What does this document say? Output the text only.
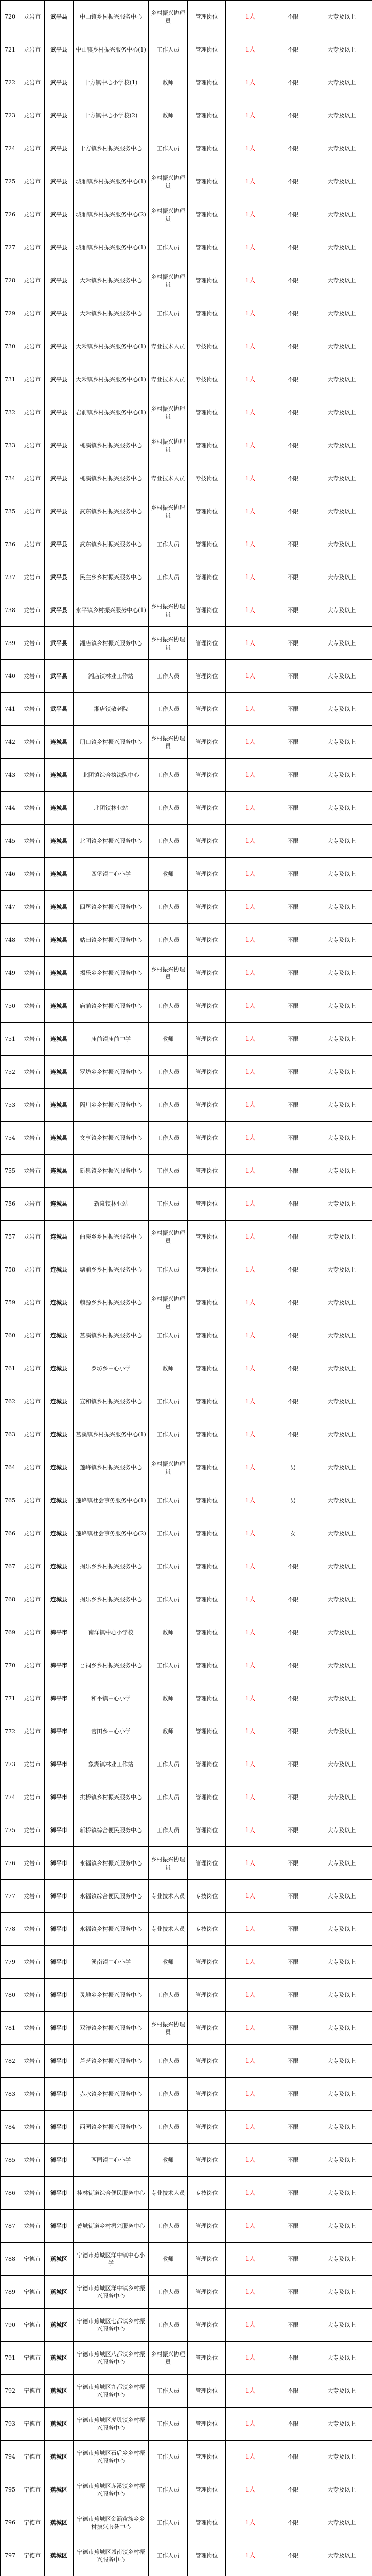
720	龙岩市	武平县	中山镇乡村振兴服务中心	乡村振兴协理员	管理岗位	1人	不限	大专及以上
721	龙岩市	武平县	中山镇乡村振兴服务中心(1)	工作人员	管理岗位	1人	不限	大专及以上
722	龙岩市	武平县	十方镇中心小学校(1)	教师	管理岗位	1人	不限	大专及以上
723	龙岩市	武平县	十方镇中心小学校(2)	教师	管理岗位	1人	不限	大专及以上
724	龙岩市	武平县	十方镇乡村振兴服务中心	工作人员	管理岗位	1人	不限	大专及以上
725	龙岩市	武平县	城厢镇乡村振兴服务中心(1)	乡村振兴协理员	管理岗位	1人	不限	大专及以上
726	龙岩市	武平县	城厢镇乡村振兴服务中心(2)	乡村振兴协理员	管理岗位	1人	不限	大专及以上
727	龙岩市	武平县	城厢镇乡村振兴服务中心(1)	工作人员	管理岗位	1人	不限	大专及以上
728	龙岩市	武平县	大禾镇乡村振兴服务中心	乡村振兴协理员	管理岗位	1人	不限	大专及以上
729	龙岩市	武平县	大禾镇乡村振兴服务中心	工作人员	管理岗位	1人	不限	大专及以上
730	龙岩市	武平县	大禾镇乡村振兴服务中心(1)	专业技术人员	专技岗位	1人	不限	大专及以上
731	龙岩市	武平县	大禾镇乡村振兴服务中心(1)	专业技术人员	专技岗位	1人	不限	大专及以上
732	龙岩市	武平县	岩前镇乡村振兴服务中心(1)	乡村振兴协理员	管理岗位	1人	不限	大专及以上
733	龙岩市	武平县	桃溪镇乡村振兴服务中心	乡村振兴协理员	管理岗位	1人	不限	大专及以上
734	龙岩市	武平县	桃溪镇乡村振兴服务中心	专业技术人员	专技岗位	1人	不限	大专及以上
735	龙岩市	武平县	武东镇乡村振兴服务中心	乡村振兴协理员	管理岗位	1人	不限	大专及以上
736	龙岩市	武平县	武东镇乡村振兴服务中心	工作人员	管理岗位	1人	不限	大专及以上
737	龙岩市	武平县	民主乡乡村振兴服务中心	工作人员	管理岗位	1人	不限	大专及以上
738	龙岩市	武平县	永平镇乡村振兴服务中心(1)	乡村振兴协理员	管理岗位	1人	不限	大专及以上
739	龙岩市	武平县	湘店镇乡村振兴服务中心	乡村振兴协理员	管理岗位	1人	不限	大专及以上
740	龙岩市	武平县	湘店镇林业工作站	工作人员	管理岗位	1人	不限	大专及以上
741	龙岩市	武平县	湘店镇敬老院	工作人员	管理岗位	1人	不限	大专及以上
742	龙岩市	连城县	朋口镇乡村振兴服务中心	乡村振兴协理员	管理岗位	1人	不限	大专及以上
743	龙岩市	连城县	北团镇综合执法队中心	工作人员	管理岗位	1人	不限	大专及以上
744	龙岩市	连城县	北团镇林业站	工作人员	管理岗位	1人	不限	大专及以上
745	龙岩市	连城县	北团镇乡村振兴服务中心	工作人员	管理岗位	1人	不限	大专及以上
746	龙岩市	连城县	四堡镇中心小学	教师	管理岗位	1人	不限	大专及以上
747	龙岩市	连城县	四堡镇乡村振兴服务中心	工作人员	管理岗位	1人	不限	大专及以上
748	龙岩市	连城县	姑田镇乡村振兴服务中心	工作人员	管理岗位	1人	不限	大专及以上
749	龙岩市	连城县	揭乐乡乡村振兴服务中心	乡村振兴协理员	管理岗位	1人	不限	大专及以上
750	龙岩市	连城县	庙前镇乡村振兴服务中心	工作人员	管理岗位	1人	不限	大专及以上
751	龙岩市	连城县	庙前镇庙前中学	教师	管理岗位	1人	不限	大专及以上
752	龙岩市	连城县	罗坊乡乡村振兴服务中心	工作人员	管理岗位	1人	不限	大专及以上
753	龙岩市	连城县	隔川乡乡村振兴服务中心	工作人员	管理岗位	1人	不限	大专及以上
754	龙岩市	连城县	文亨镇乡村振兴服务中心	工作人员	管理岗位	1人	不限	大专及以上
755	龙岩市	连城县	新泉镇乡村振兴服务中心	工作人员	管理岗位	1人	不限	大专及以上
756	龙岩市	连城县	新泉镇林业站	工作人员	管理岗位	1人	不限	大专及以上
757	龙岩市	连城县	曲溪乡乡村振兴服务中心	乡村振兴协理员	管理岗位	1人	不限	大专及以上
758	龙岩市	连城县	塘前乡乡村振兴服务中心	工作人员	管理岗位	1人	不限	大专及以上
759	龙岩市	连城县	赖源乡乡村振兴服务中心	乡村振兴协理员	管理岗位	1人	不限	大专及以上
760	龙岩市	连城县	莒溪镇乡村振兴服务中心	工作人员	管理岗位	1人	不限	大专及以上
761	龙岩市	连城县	罗坊乡中心小学	教师	管理岗位	1人	不限	大专及以上
762	龙岩市	连城县	宣和镇乡村振兴服务中心	工作人员	管理岗位	1人	不限	大专及以上
763	龙岩市	连城县	莒溪镇乡村振兴服务中心(1)	工作人员	管理岗位	1人	不限	大专及以上
764	龙岩市	连城县	莲峰镇乡村振兴服务中心	乡村振兴协理员	管理岗位	1人	男	大专及以上
765	龙岩市	连城县	莲峰镇社会事务服务中心(1)	工作人员	管理岗位	1人	男	大专及以上
766	龙岩市	连城县	莲峰镇社会事务服务中心(2)	工作人员	管理岗位	1人	女	大专及以上
767	龙岩市	连城县	揭乐乡乡村振兴服务中心	工作人员	管理岗位	1人	不限	大专及以上
768	龙岩市	连城县	揭乐乡乡村振兴服务中心	工作人员	管理岗位	1人	不限	大专及以上
769	龙岩市	漳平市	南洋镇中心小学校	教师	管理岗位	1人	不限	大专及以上
770	龙岩市	漳平市	吾祠乡乡村振兴服务中心	工作人员	管理岗位	1人	不限	大专及以上
771	龙岩市	漳平市	和平镇中心小学	教师	管理岗位	1人	不限	大专及以上
772	龙岩市	漳平市	官田乡中心小学	教师	管理岗位	1人	不限	大专及以上
773	龙岩市	漳平市	象湖镇林业工作站	工作人员	管理岗位	1人	不限	大专及以上
774	龙岩市	漳平市	拱桥镇乡村振兴服务中心	工作人员	管理岗位	1人	不限	大专及以上
775	龙岩市	漳平市	新桥镇综合便民服务中心	工作人员	管理岗位	1人	不限	大专及以上
776	龙岩市	漳平市	永福镇乡村振兴服务中心	乡村振兴协理员	管理岗位	1人	不限	大专及以上
777	龙岩市	漳平市	永福镇综合便民服务中心	专业技术人员	专技岗位	1人	不限	大专及以上
778	龙岩市	漳平市	永福镇乡村振兴服务中心	专业技术人员	专技岗位	1人	不限	大专及以上
779	龙岩市	漳平市	溪南镇中心小学	教师	管理岗位	1人	不限	大专及以上
780	龙岩市	漳平市	灵地乡乡村振兴服务中心	工作人员	管理岗位	1人	不限	大专及以上
781	龙岩市	漳平市	双洋镇乡村振兴服务中心	乡村振兴协理员	管理岗位	1人	不限	大专及以上
782	龙岩市	漳平市	芦芝镇乡村振兴服务中心	工作人员	管理岗位	1人	不限	大专及以上
783	龙岩市	漳平市	赤水镇乡村振兴服务中心	工作人员	管理岗位	1人	不限	大专及以上
784	龙岩市	漳平市	西园镇乡村振兴服务中心	工作人员	管理岗位	1人	不限	大专及以上
785	龙岩市	漳平市	西园镇中心小学	教师	管理岗位	1人	不限	大专及以上
786	龙岩市	漳平市	桂林街道综合便民服务中心	专业技术人员	专技岗位	1人	不限	大专及以上
787	龙岩市	漳平市	菁城街道乡村振兴服务中心	工作人员	管理岗位	1人	不限	大专及以上
788	宁德市	蕉城区	宁德市蕉城区洋中镇中心小学	教师	管理岗位	1人	不限	大专及以上
789	宁德市	蕉城区	宁德市蕉城区洋中镇乡村振兴服务中心	工作人员	管理岗位	1人	不限	大专及以上
790	宁德市	蕉城区	宁德市蕉城区七都镇乡村振兴服务中心	工作人员	管理岗位	1人	不限	大专及以上
791	宁德市	蕉城区	宁德市蕉城区八都镇乡村振兴服务中心	乡村振兴协理员	管理岗位	1人	不限	大专及以上
792	宁德市	蕉城区	宁德市蕉城区九都镇乡村振兴服务中心	工作人员	管理岗位	1人	不限	大专及以上
793	宁德市	蕉城区	宁德市蕉城区虎贝镇乡村振兴服务中心	工作人员	管理岗位	1人	不限	大专及以上
794	宁德市	蕉城区	宁德市蕉城区石后乡乡村振兴服务中心	工作人员	管理岗位	1人	不限	大专及以上
795	宁德市	蕉城区	宁德市蕉城区赤溪镇乡村振兴服务中心	工作人员	管理岗位	1人	不限	大专及以上
796	宁德市	蕉城区	宁德市蕉城区金涵畲族乡乡村振兴服务中心	工作人员	管理岗位	1人	不限	大专及以上
797	宁德市	蕉城区	宁德市蕉城区城南镇乡村振兴服务中心	工作人员	管理岗位	1人	不限	大专及以上
